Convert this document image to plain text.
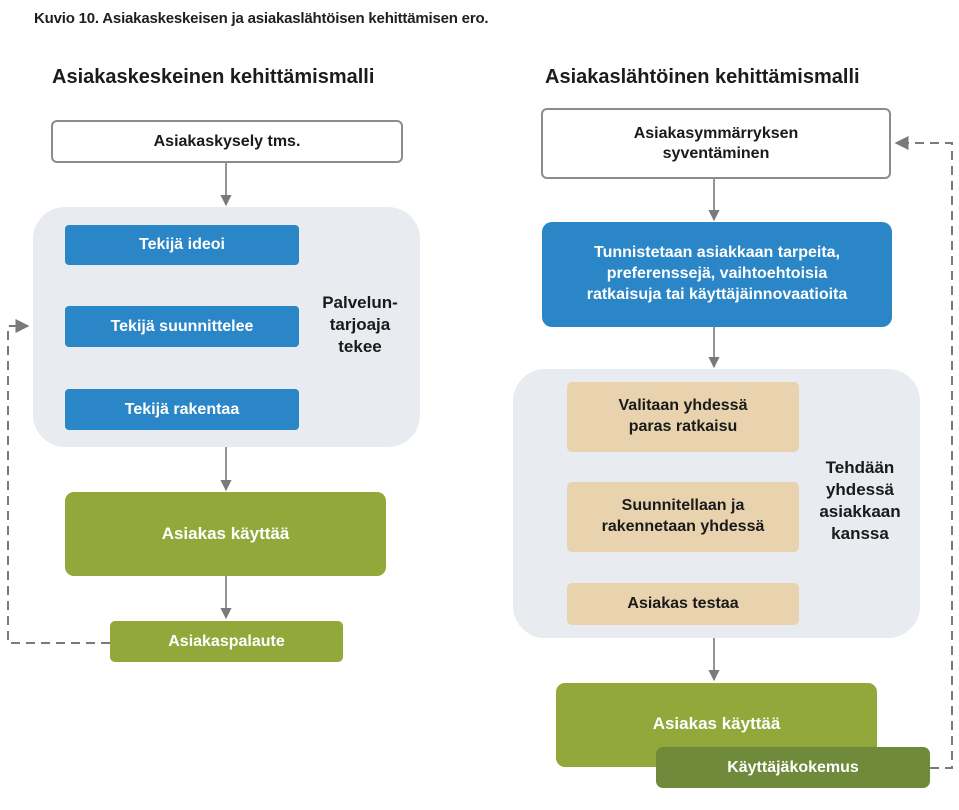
Kuvio 10. Asiakaskeskeisen ja asiakaslähtöisen kehittämisen ero.
Asiakaskeskeinen kehittämismalli
Asiakaskysely tms.
Tekijä ideoi
Tekijä suunnittelee
Tekijä rakentaa
Palvelun-
tarjoaja
tekee
Asiakas käyttää
Asiakaspalaute
Asiakaslähtöinen kehittämismalli
Asiakasymmärryksen
syventäminen
Tunnistetaan asiakkaan tarpeita,
preferenssejä, vaihtoehtoisia
ratkaisuja tai käyttäjäinnovaatioita
Valitaan yhdessä
paras ratkaisu
Suunnitellaan ja
rakennetaan yhdessä
Asiakas testaa
Tehdään
yhdessä
asiakkaan
kanssa
Asiakas käyttää
Käyttäjäkokemus
